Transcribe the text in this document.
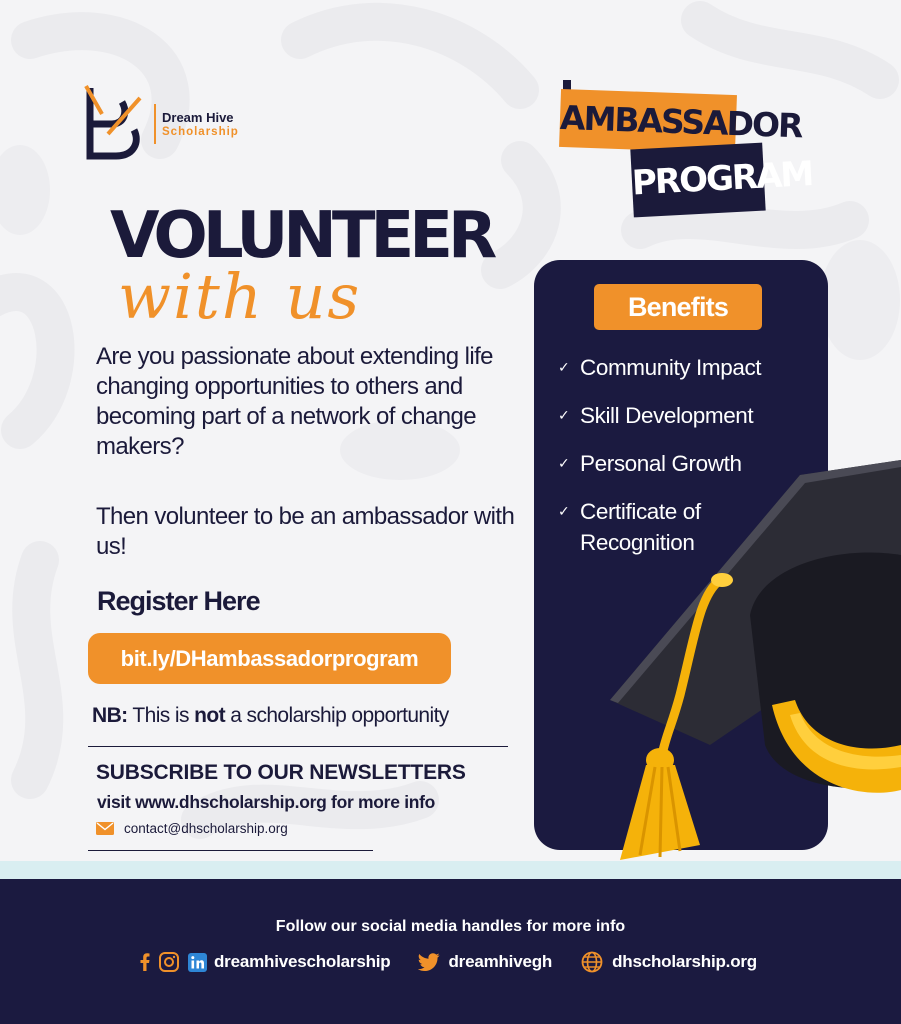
Dream Hive
Scholarship	AMBASSADOR
PROGRAM
VOLUNTEER
with us
Are you passionate about extending life changing opportunities to others and becoming part of a network of change makers?
Then volunteer to be an ambassador with us!
Register Here
bit.ly/DHambassadorprogram
NB: This is not a scholarship opportunity
SUBSCRIBE TO OUR NEWSLETTERS
visit www.dhscholarship.org for more info
contact@dhscholarship.org
Benefits
✓ Community Impact
✓ Skill Development
✓ Personal Growth
✓ Certificate of Recognition
Follow our social media handles for more info
dreamhivescholarship	dreamhivegh	dhscholarship.org
